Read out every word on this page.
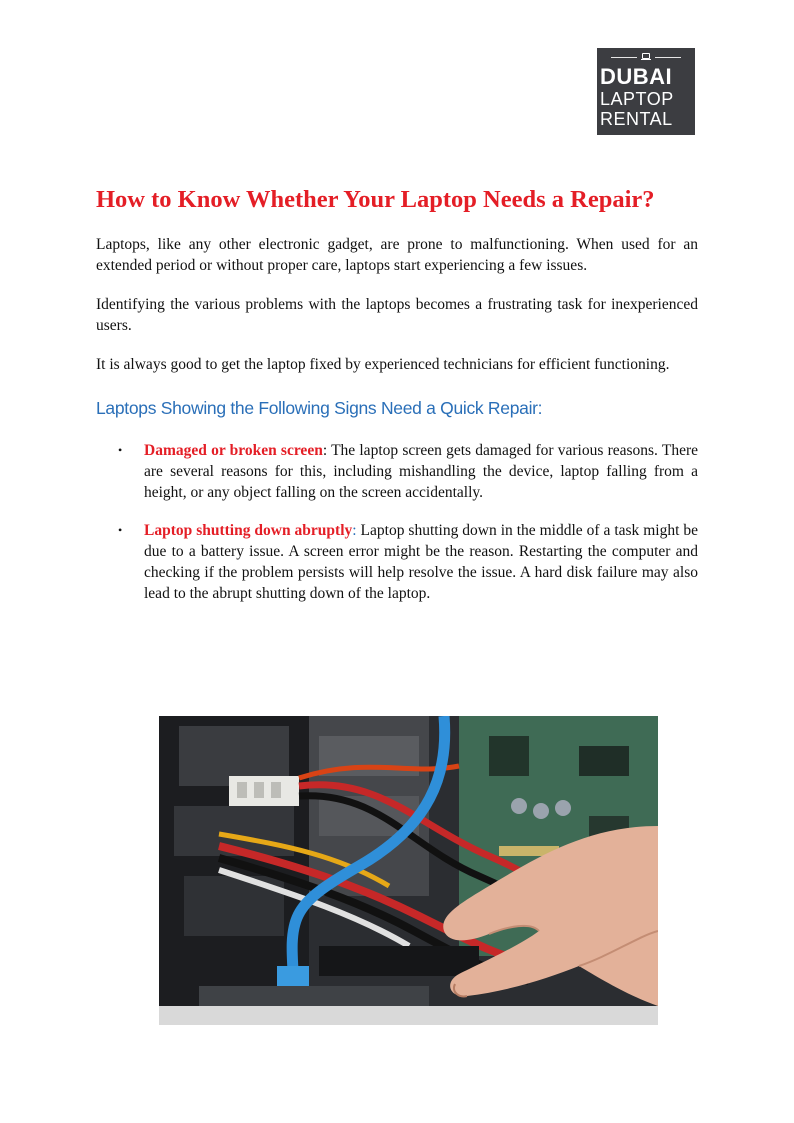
DUBAI
LAPTOP
RENTAL
How to Know Whether Your Laptop Needs a Repair?

Laptops, like any other electronic gadget, are prone to malfunctioning. When used for an extended period or without proper care, laptops start experiencing a few issues.

Identifying the various problems with the laptops becomes a frustrating task for inexperienced users.

It is always good to get the laptop fixed by experienced technicians for efficient functioning.

Laptops Showing the Following Signs Need a Quick Repair:
• Damaged or broken screen: The laptop screen gets damaged for various reasons. There are several reasons for this, including mishandling the device, laptop falling from a height, or any object falling on the screen accidentally.
• Laptop shutting down abruptly: Laptop shutting down in the middle of a task might be due to a battery issue. A screen error might be the reason. Restarting the computer and checking if the problem persists will help resolve the issue. A hard disk failure may also lead to the abrupt shutting down of the laptop.
